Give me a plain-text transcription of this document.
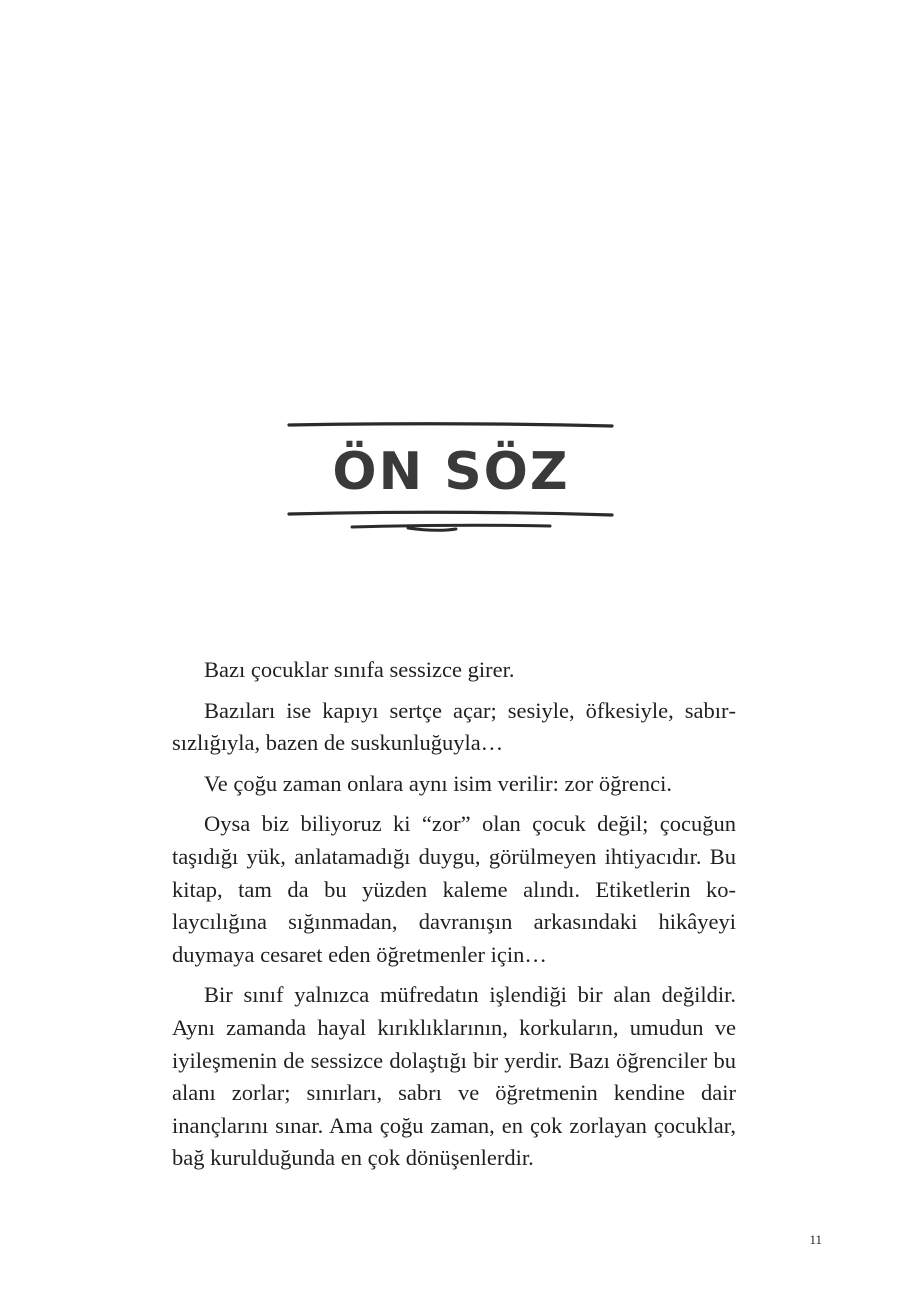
ÖN SÖZ

Bazı çocuklar sınıfa sessizce girer.

Bazıları ise kapıyı sertçe açar; sesiyle, öfkesiyle, sabırsızlığıyla, bazen de suskunluğuyla…

Ve çoğu zaman onlara aynı isim verilir: zor öğrenci.

Oysa biz biliyoruz ki “zor” olan çocuk değil; çocuğun taşıdığı yük, anlatamadığı duygu, görülmeyen ihtiyacıdır. Bu kitap, tam da bu yüzden kaleme alındı. Etiketlerin kolaycılığına sığınmadan, davranışın arkasındaki hikâyeyi duymaya cesaret eden öğretmenler için…

Bir sınıf yalnızca müfredatın işlendiği bir alan değildir. Aynı zamanda hayal kırıklıklarının, korkuların, umudun ve iyileşmenin de sessizce dolaştığı bir yerdir. Bazı öğrenciler bu alanı zorlar; sınırları, sabrı ve öğretmenin kendine dair inançlarını sınar. Ama çoğu zaman, en çok zorlayan çocuklar, bağ kurulduğunda en çok dönüşenlerdir.

11
